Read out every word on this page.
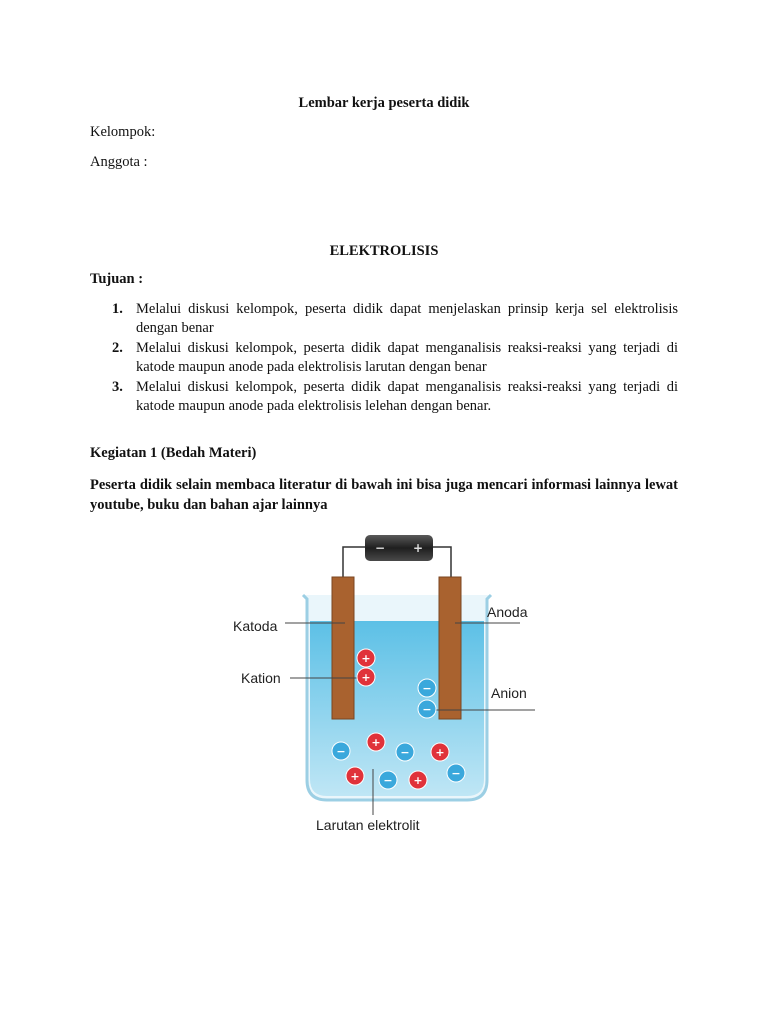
Lembar kerja peserta didik
Kelompok:
Anggota :
ELEKTROLISIS
Tujuan :
1. Melalui diskusi kelompok, peserta didik dapat menjelaskan prinsip kerja sel elektrolisis dengan benar
2. Melalui diskusi kelompok, peserta didik dapat menganalisis reaksi-reaksi yang terjadi di katode maupun anode pada elektrolisis larutan dengan benar
3. Melalui diskusi kelompok, peserta didik dapat menganalisis reaksi-reaksi yang terjadi di katode maupun anode pada elektrolisis lelehan dengan benar.
Kegiatan 1 (Bedah Materi)
Peserta didik selain membaca literatur di bawah ini bisa juga mencari informasi lainnya lewat youtube, buku dan bahan ajar lainnya
− +
Katoda
Anoda
Kation
Anion
Larutan elektrolit
+
+
+
+
+	+
−
−
−	−
−
−
